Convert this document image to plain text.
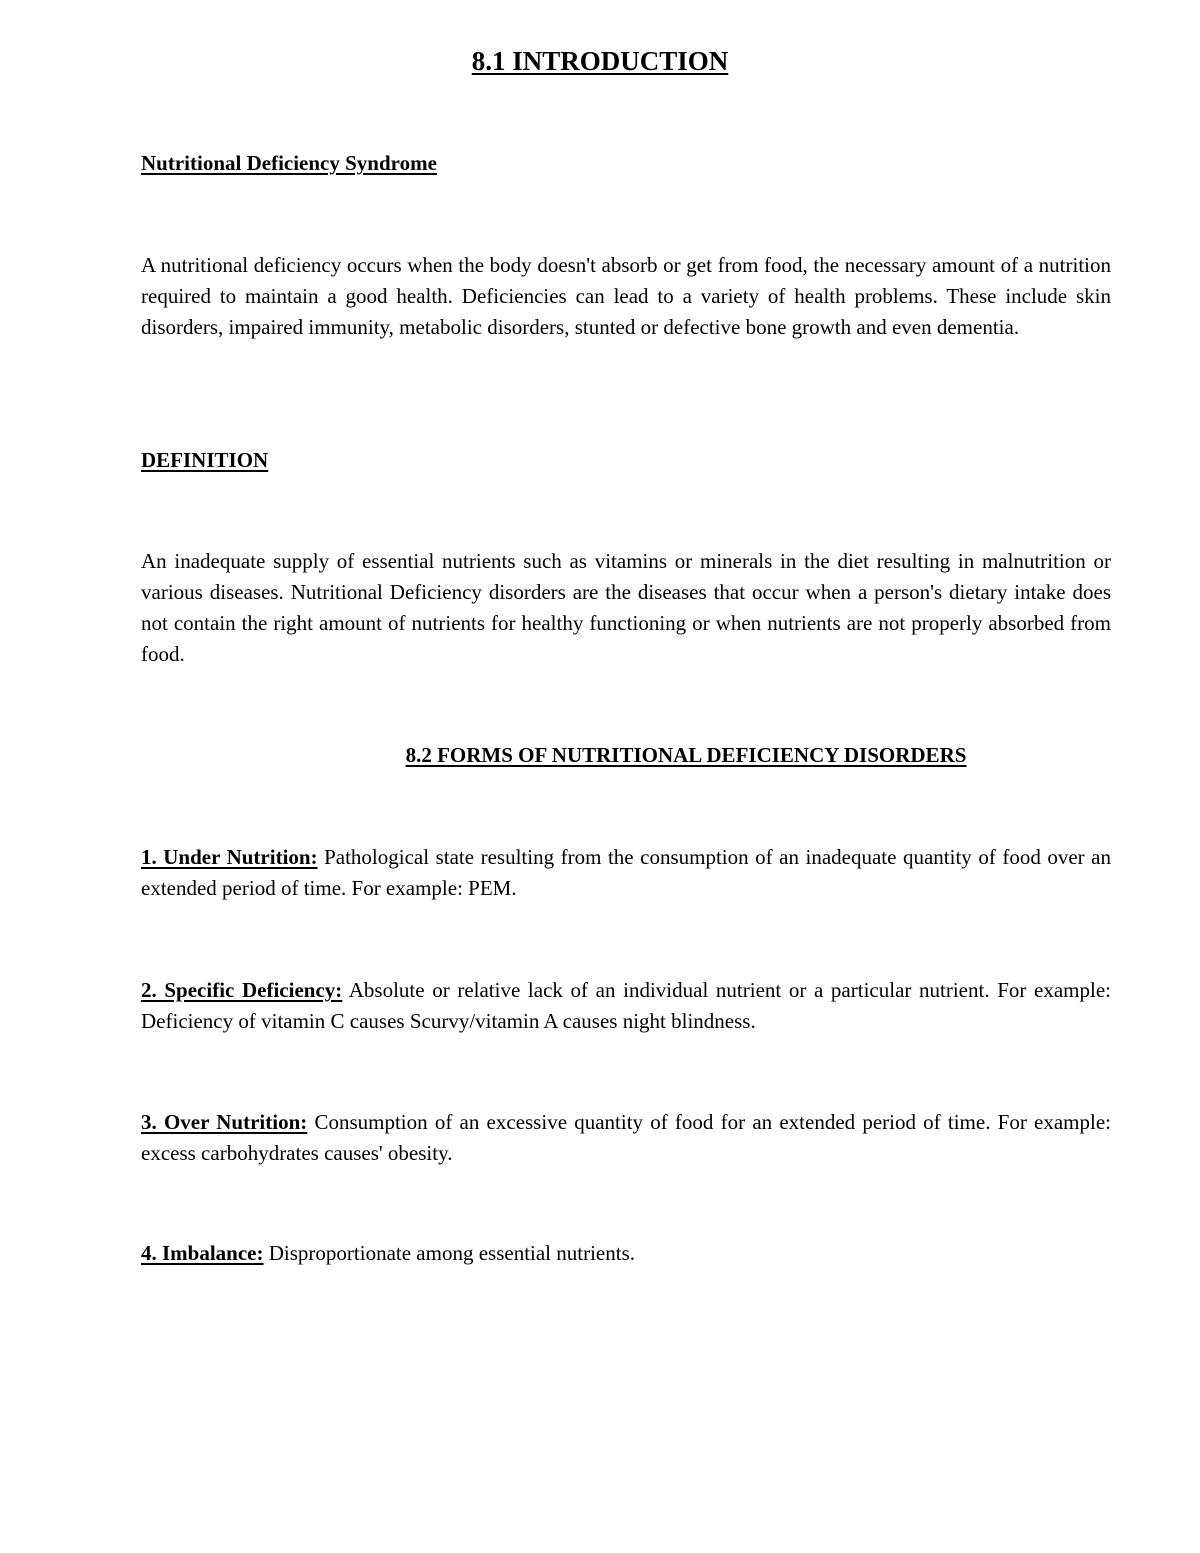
8.1 INTRODUCTION
Nutritional Deficiency Syndrome

A nutritional deficiency occurs when the body doesn't absorb or get from food, the necessary amount of a nutrition required to maintain a good health. Deficiencies can lead to a variety of health problems. These include skin disorders, impaired immunity, metabolic disorders, stunted or defective bone growth and even dementia.

DEFINITION

An inadequate supply of essential nutrients such as vitamins or minerals in the diet resulting in malnutrition or various diseases. Nutritional Deficiency disorders are the diseases that occur when a person's dietary intake does not contain the right amount of nutrients for healthy functioning or when nutrients are not properly absorbed from food.

8.2 FORMS OF NUTRITIONAL DEFICIENCY DISORDERS

1. Under Nutrition: Pathological state resulting from the consumption of an inadequate quantity of food over an extended period of time. For example: PEM.

2. Specific Deficiency: Absolute or relative lack of an individual nutrient or a particular nutrient. For example: Deficiency of vitamin C causes Scurvy/vitamin A causes night blindness.

3. Over Nutrition: Consumption of an excessive quantity of food for an extended period of time. For example: excess carbohydrates causes' obesity.

4. Imbalance: Disproportionate among essential nutrients.
